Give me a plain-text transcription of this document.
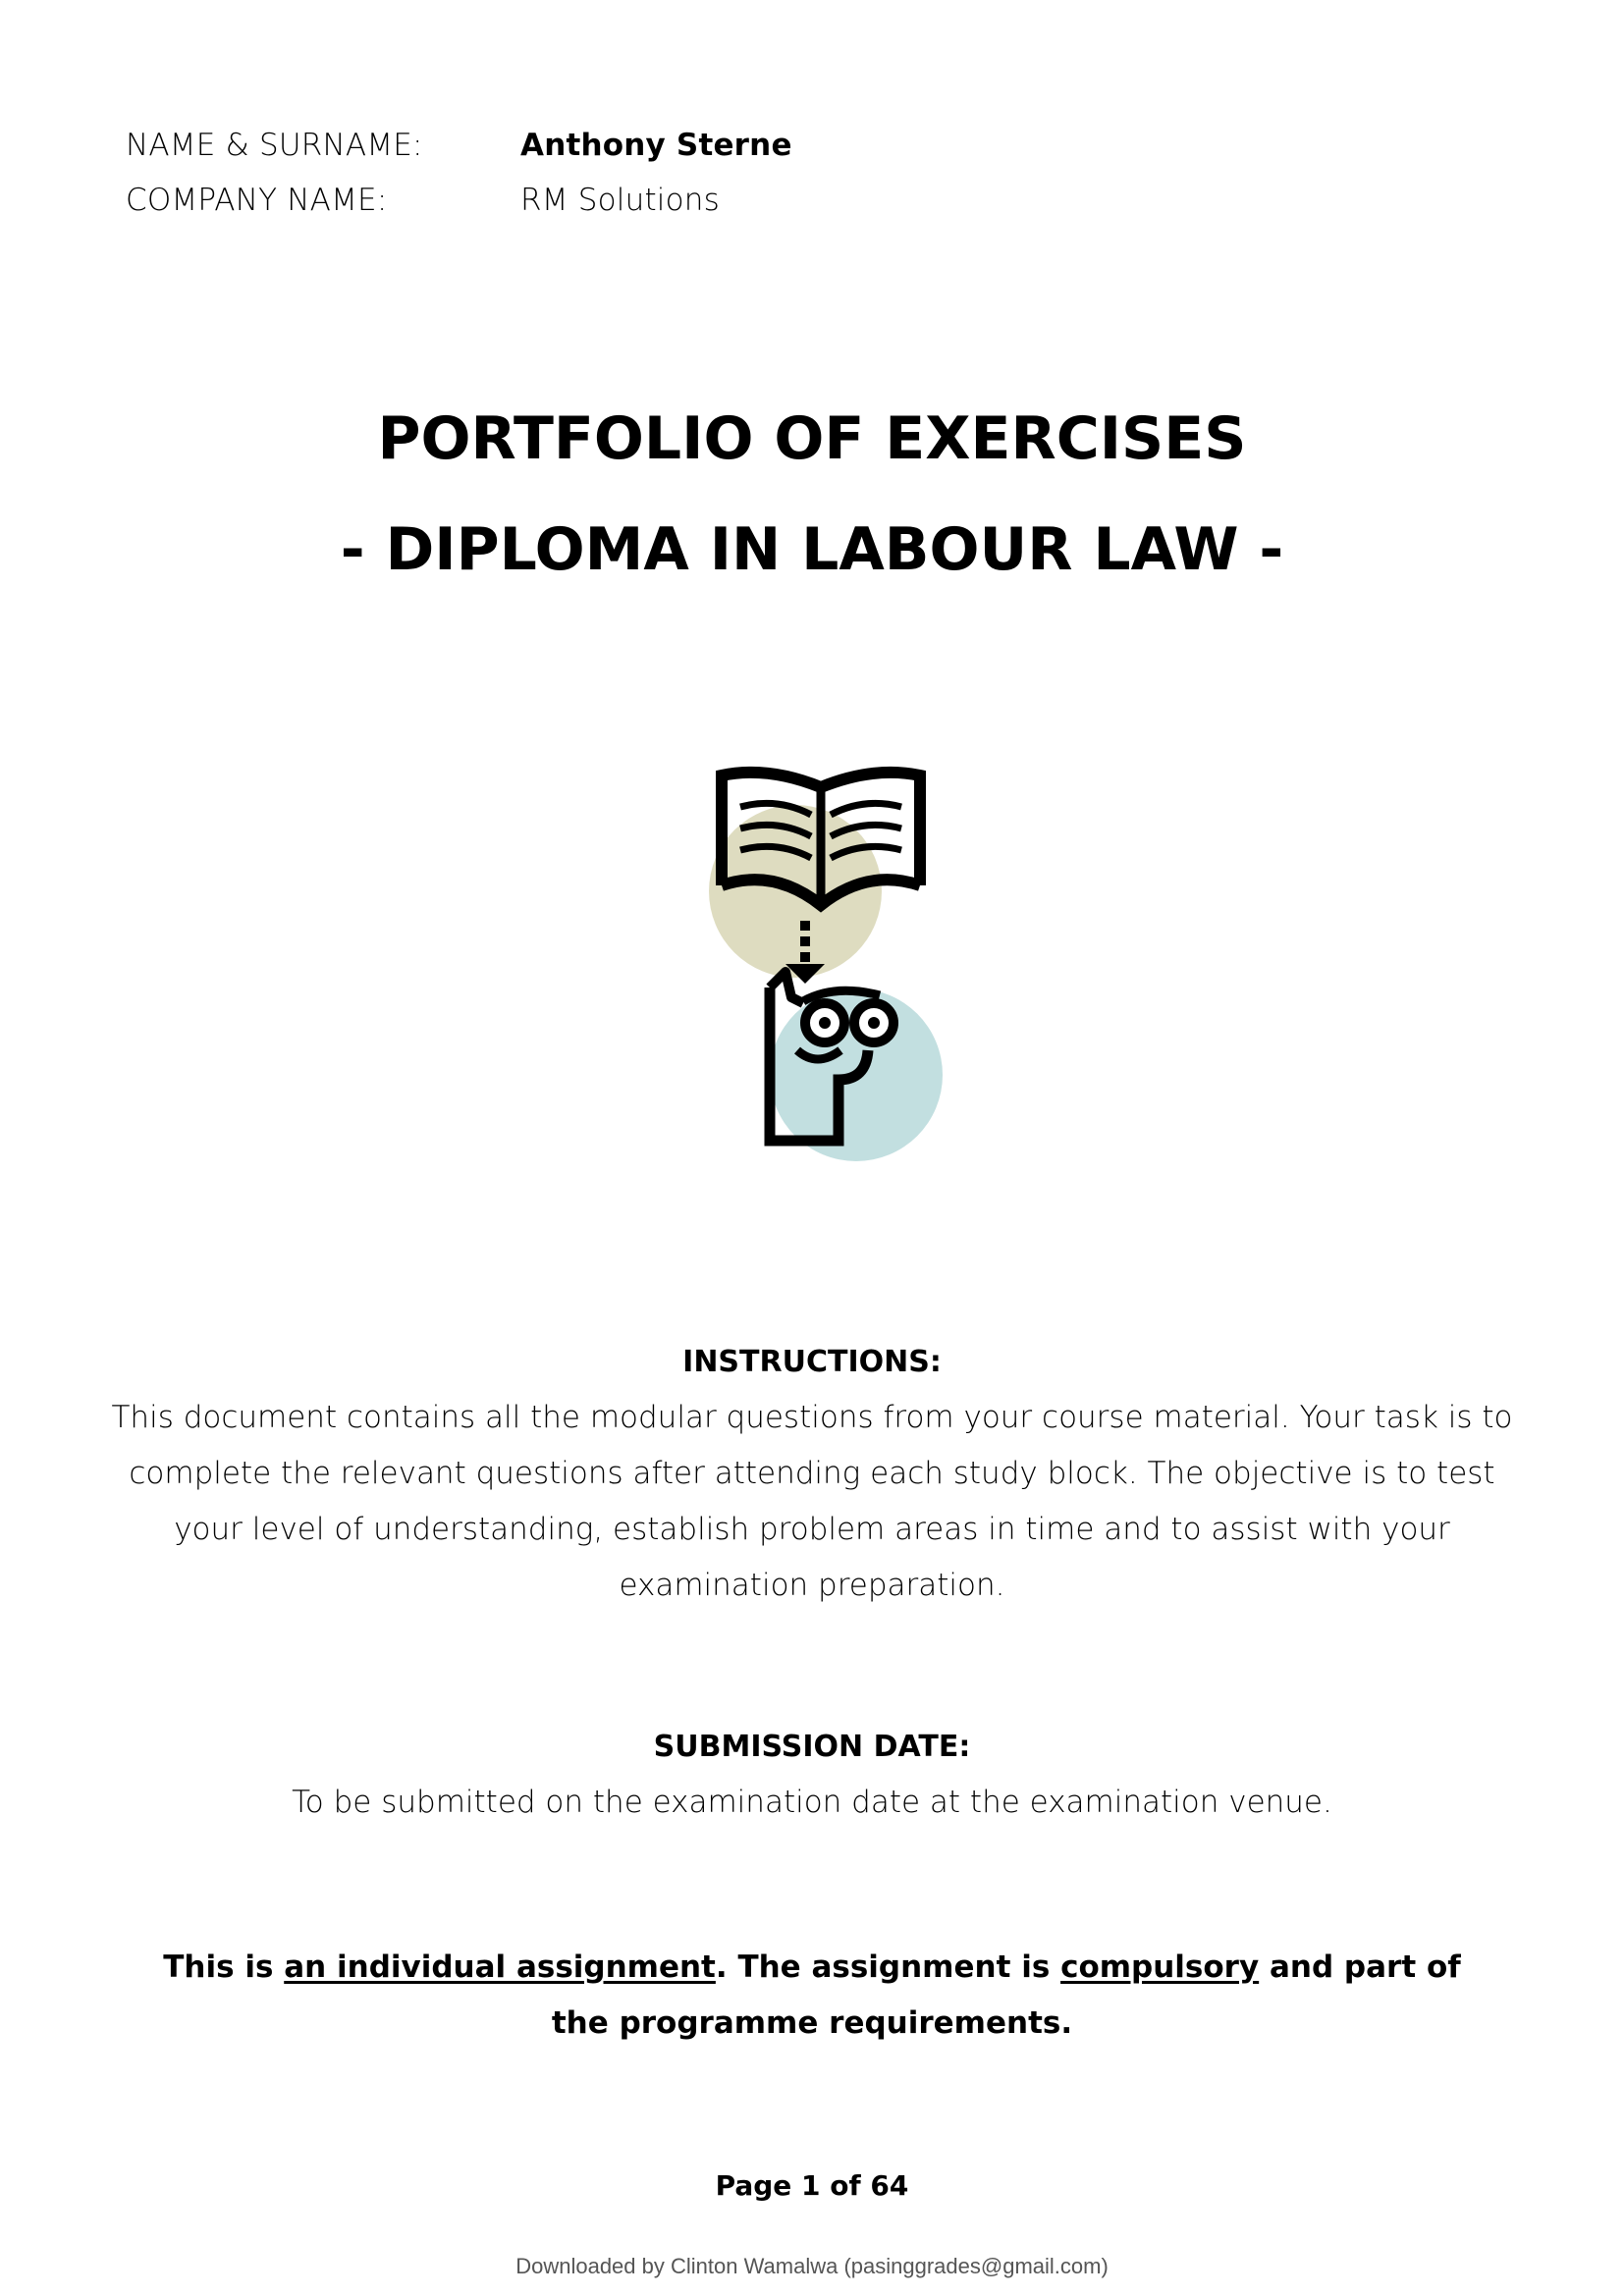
NAME & SURNAME:	Anthony Sterne
COMPANY NAME:	RM Solutions
PORTFOLIO OF EXERCISES
- DIPLOMA IN LABOUR LAW -
INSTRUCTIONS:
This document contains all the modular questions from your course material. Your task is to complete the relevant questions after attending each study block. The objective is to test your level of understanding, establish problem areas in time and to assist with your examination preparation.
SUBMISSION DATE:
To be submitted on the examination date at the examination venue.
This is an individual assignment. The assignment is compulsory and part of the programme requirements.
Page 1 of 64
Downloaded by Clinton Wamalwa (pasinggrades@gmail.com)
